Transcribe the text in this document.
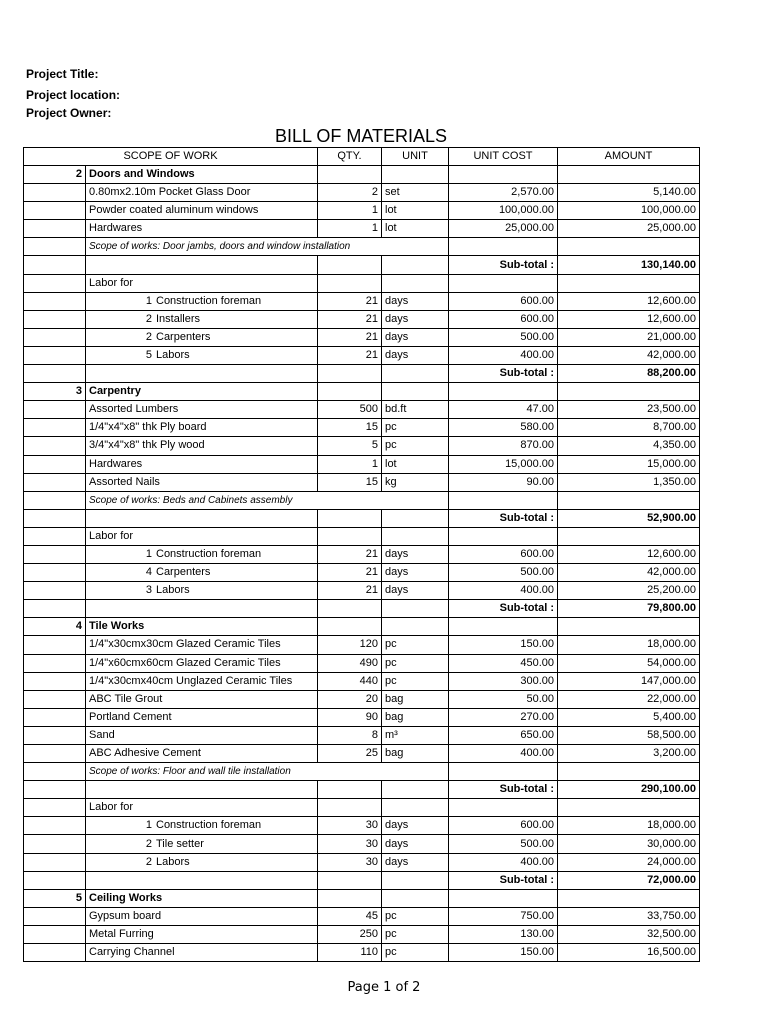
Project Title:
Project location:
Project Owner:
BILL OF MATERIALS
SCOPE OF WORK		QTY.	UNIT	UNIT COST	AMOUNT
2	Doors and Windows				
	0.80mx2.10m Pocket Glass Door	2	set	2,570.00	5,140.00
	Powder coated aluminum windows	1	lot	100,000.00	100,000.00
	Hardwares	1	lot	25,000.00	25,000.00
	Scope of works: Door jambs, doors and window installation				
				Sub-total :	130,140.00
	Labor for				
	1 Construction foreman	21	days	600.00	12,600.00
	2 Installers	21	days	600.00	12,600.00
	2 Carpenters	21	days	500.00	21,000.00
	5 Labors	21	days	400.00	42,000.00
				Sub-total :	88,200.00
3	Carpentry				
	Assorted Lumbers	500	bd.ft	47.00	23,500.00
	1/4"x4"x8" thk Ply board	15	pc	580.00	8,700.00
	3/4"x4"x8" thk Ply wood	5	pc	870.00	4,350.00
	Hardwares	1	lot	15,000.00	15,000.00
	Assorted Nails	15	kg	90.00	1,350.00
	Scope of works: Beds and Cabinets assembly				
				Sub-total :	52,900.00
	Labor for				
	1 Construction foreman	21	days	600.00	12,600.00
	4 Carpenters	21	days	500.00	42,000.00
	3 Labors	21	days	400.00	25,200.00
				Sub-total :	79,800.00
4	Tile Works				
	1/4"x30cmx30cm Glazed Ceramic Tiles	120	pc	150.00	18,000.00
	1/4"x60cmx60cm Glazed Ceramic Tiles	490	pc	450.00	54,000.00
	1/4"x30cmx40cm Unglazed Ceramic Tiles	440	pc	300.00	147,000.00
	ABC Tile Grout	20	bag	50.00	22,000.00
	Portland Cement	90	bag	270.00	5,400.00
	Sand	8	m³	650.00	58,500.00
	ABC Adhesive Cement	25	bag	400.00	3,200.00
	Scope of works: Floor and wall tile installation				
				Sub-total :	290,100.00
	Labor for				
	1 Construction foreman	30	days	600.00	18,000.00
	2 Tile setter	30	days	500.00	30,000.00
	2 Labors	30	days	400.00	24,000.00
				Sub-total :	72,000.00
5	Ceiling Works				
	Gypsum board	45	pc	750.00	33,750.00
	Metal Furring	250	pc	130.00	32,500.00
	Carrying Channel	110	pc	150.00	16,500.00
Page 1 of 2
